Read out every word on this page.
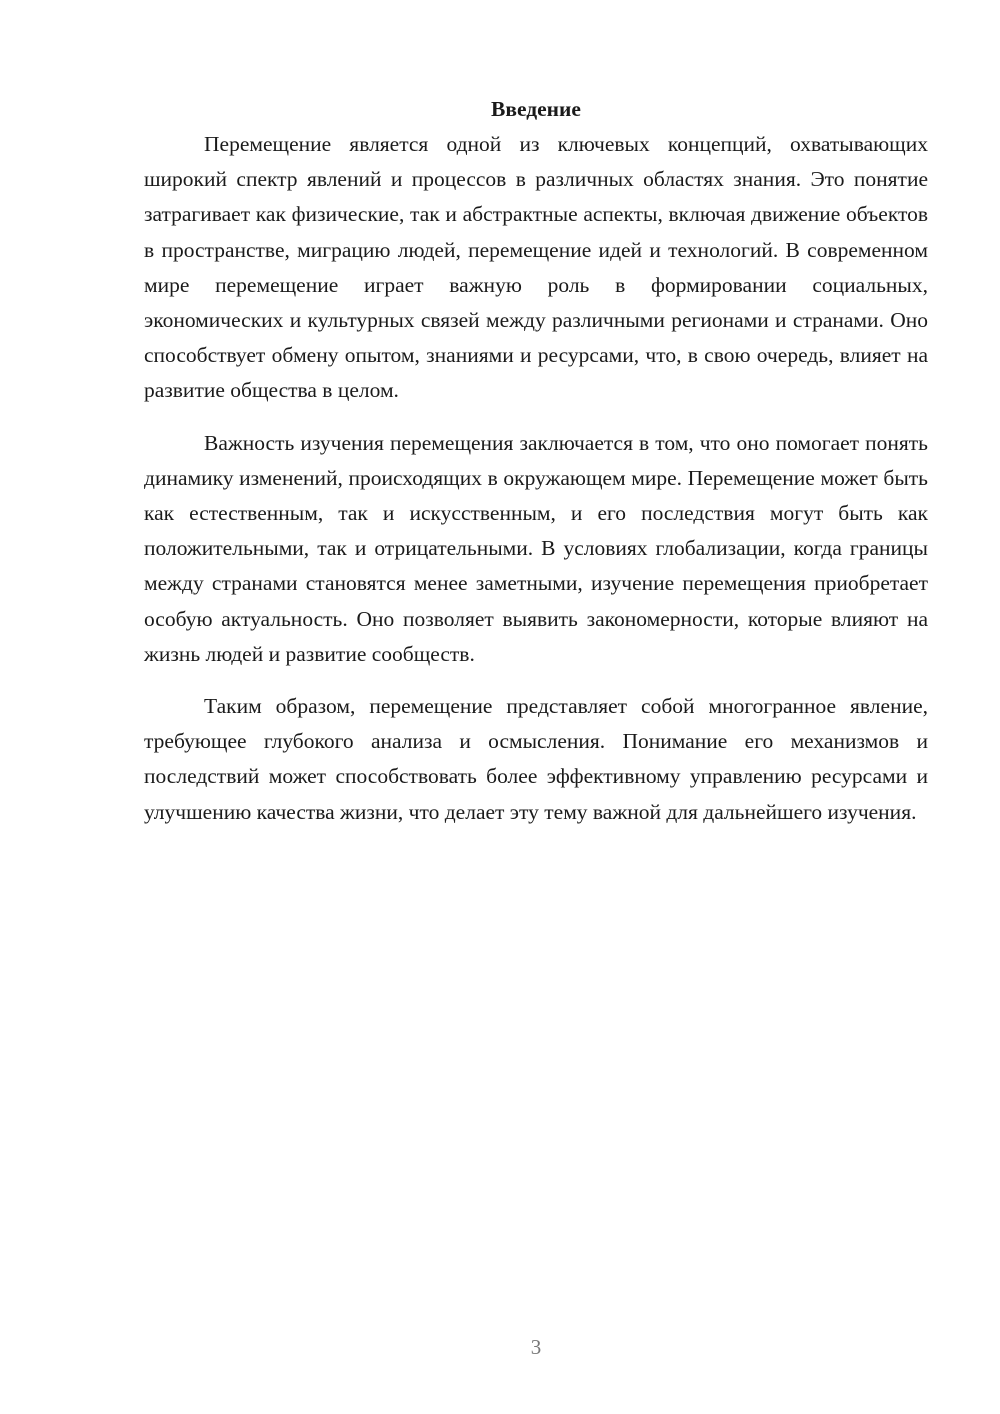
Введение

Перемещение является одной из ключевых концепций, охватывающих широкий спектр явлений и процессов в различных областях знания. Это понятие затрагивает как физические, так и абстрактные аспекты, включая движение объектов в пространстве, миграцию людей, перемещение идей и технологий. В современном мире перемещение играет важную роль в формировании социальных, экономических и культурных связей между различными регионами и странами. Оно способствует обмену опытом, знаниями и ресурсами, что, в свою очередь, влияет на развитие общества в целом.

Важность изучения перемещения заключается в том, что оно помогает понять динамику изменений, происходящих в окружающем мире. Перемещение может быть как естественным, так и искусственным, и его последствия могут быть как положительными, так и отрицательными. В условиях глобализации, когда границы между странами становятся менее заметными, изучение перемещения приобретает особую актуальность. Оно позволяет выявить закономерности, которые влияют на жизнь людей и развитие сообществ.

Таким образом, перемещение представляет собой многогранное явление, требующее глубокого анализа и осмысления. Понимание его механизмов и последствий может способствовать более эффективному управлению ресурсами и улучшению качества жизни, что делает эту тему важной для дальнейшего изучения.

3
